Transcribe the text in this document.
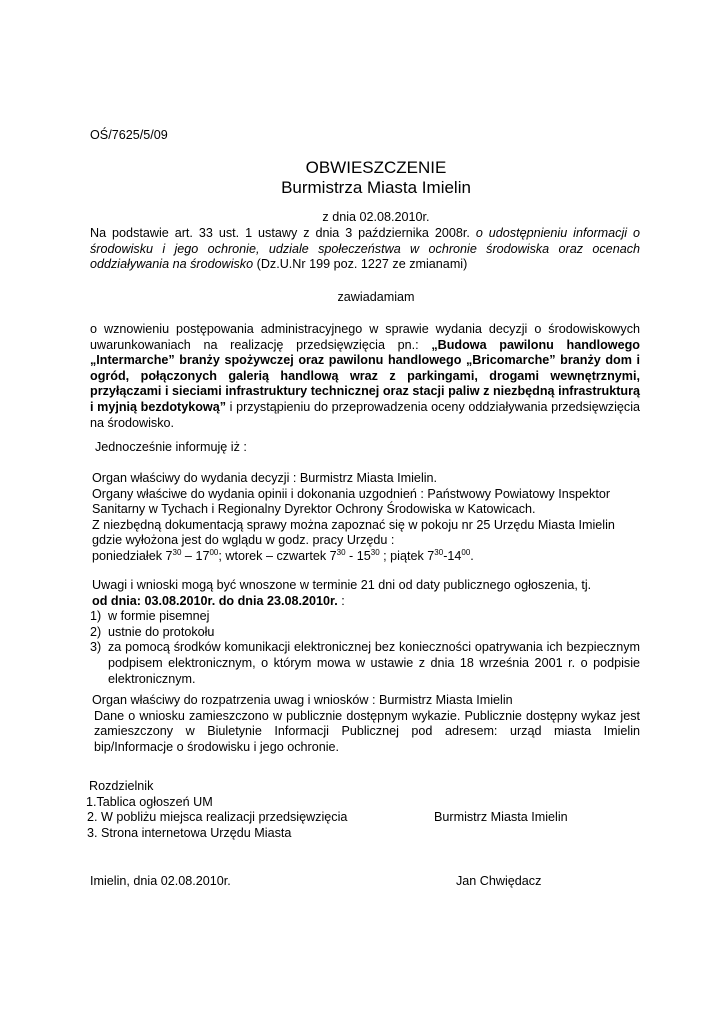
OŚ/7625/5/09
OBWIESZCZENIE
Burmistrza Miasta Imielin
z dnia 02.08.2010r.
Na podstawie art. 33 ust. 1 ustawy z dnia 3 października 2008r. o udostępnieniu informacji o środowisku i jego ochronie, udziale społeczeństwa w ochronie środowiska oraz ocenach oddziaływania na środowisko (Dz.U.Nr 199 poz. 1227 ze zmianami)
zawiadamiam
o wznowieniu postępowania administracyjnego w sprawie wydania decyzji o środowiskowych uwarunkowaniach na realizację przedsięwzięcia pn.: „Budowa pawilonu handlowego „Intermarche” branży spożywczej oraz pawilonu handlowego „Bricomarche” branży dom i ogród, połączonych galerią handlową wraz z parkingami, drogami wewnętrznymi, przyłączami i sieciami infrastruktury technicznej oraz stacji paliw z niezbędną infrastrukturą i myjnią bezdotykową” i przystąpieniu do przeprowadzenia oceny oddziaływania przedsięwzięcia na środowisko.
Jednocześnie informuję iż :
Organ właściwy do wydania decyzji : Burmistrz Miasta Imielin.
Organy właściwe do wydania opinii i dokonania uzgodnień : Państwowy Powiatowy Inspektor
Sanitarny w Tychach i Regionalny Dyrektor Ochrony Środowiska w Katowicach.
Z niezbędną dokumentacją sprawy można zapoznać się w pokoju nr 25 Urzędu Miasta Imielin
gdzie wyłożona jest do wglądu w godz. pracy Urzędu :
poniedziałek $7^{30} - 17^{00}$; wtorek – czwartek $7^{30} - 15^{30}$ ; piątek $7^{30}-14^{00}$.
Uwagi i wnioski mogą być wnoszone w terminie 21 dni od daty publicznego ogłoszenia, tj.
od dnia: 03.08.2010r. do dnia 23.08.2010r. :
1) w formie pisemnej
2) ustnie do protokołu
3) za pomocą środków komunikacji elektronicznej bez konieczności opatrywania ich bezpiecznym podpisem elektronicznym, o którym mowa w ustawie z dnia 18 września 2001 r. o podpisie elektronicznym.
Organ właściwy do rozpatrzenia uwag i wniosków : Burmistrz Miasta Imielin
Dane o wniosku zamieszczono w publicznie dostępnym wykazie. Publicznie dostępny wykaz jest zamieszczony w Biuletynie Informacji Publicznej pod adresem: urząd miasta Imielin bip/Informacje o środowisku i jego ochronie.
Rozdzielnik
1.Tablica ogłoszeń UM
2. W pobliżu miejsca realizacji przedsięwzięcia
3. Strona internetowa Urzędu Miasta
Burmistrz Miasta Imielin
Imielin, dnia 02.08.2010r.	Jan Chwiędacz
